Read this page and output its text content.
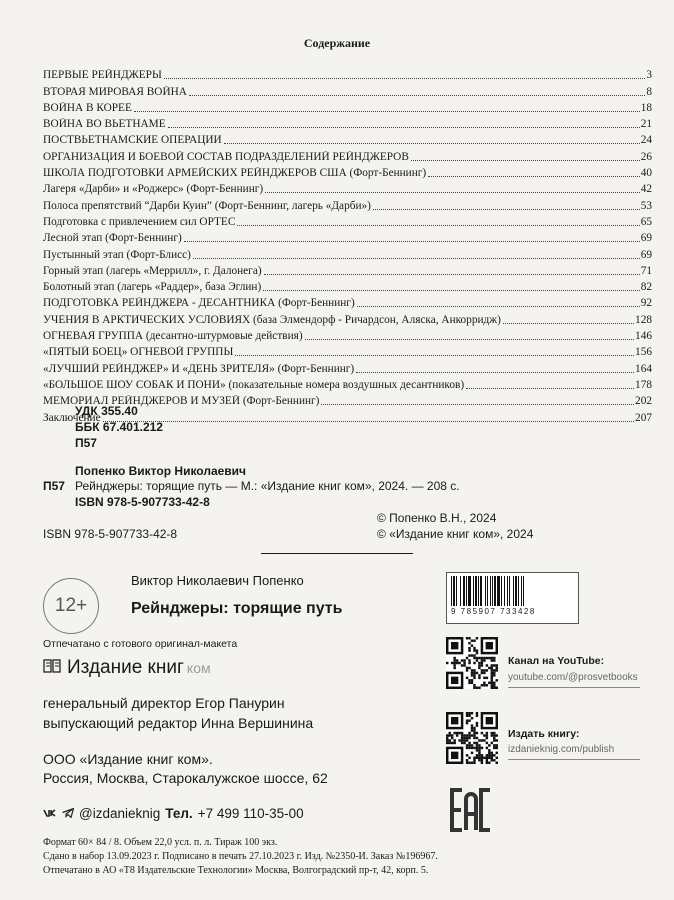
Содержание
ПЕРВЫЕ РЕЙНДЖЕРЫ	3
ВТОРАЯ МИРОВАЯ ВОЙНА	8
ВОЙНА В КОРЕЕ	18
ВОЙНА ВО ВЬЕТНАМЕ	21
ПОСТВЬЕТНАМСКИЕ ОПЕРАЦИИ	24
ОРГАНИЗАЦИЯ И БОЕВОЙ СОСТАВ ПОДРАЗДЕЛЕНИЙ РЕЙНДЖЕРОВ	26
ШКОЛА ПОДГОТОВКИ АРМЕЙСКИХ РЕЙНДЖЕРОВ США (Форт-Беннинг)	40
Лагеря «Дарби» и «Роджерс» (Форт-Беннинг)	42
Полоса препятствий “Дарби Куин” (Форт-Беннинг, лагерь «Дарби»)	53
Подготовка с привлечением сил ОРТЕС	65
Лесной этап (Форт-Беннинг)	69
Пустынный этап (Форт-Блисс)	69
Горный этап (лагерь «Меррилл», г. Далонега)	71
Болотный этап (лагерь «Раддер», база Эглин)	82
ПОДГОТОВКА РЕЙНДЖЕРА - ДЕСАНТНИКА (Форт-Беннинг)	92
УЧЕНИЯ В АРКТИЧЕСКИХ УСЛОВИЯХ (база Элмендорф - Ричардсон, Аляска, Анкорридж)	128
ОГНЕВАЯ ГРУППА (десантно-штурмовые действия)	146
«ПЯТЫЙ БОЕЦ» ОГНЕВОЙ ГРУППЫ	156
«ЛУЧШИЙ РЕЙНДЖЕР» И «ДЕНЬ ЗРИТЕЛЯ» (Форт-Беннинг)	164
«БОЛЬШОЕ ШОУ СОБАК И ПОНИ» (показательные номера воздушных десантников)	178
МЕМОРИАЛ РЕЙНДЖЕРОВ И МУЗЕЙ (Форт-Беннинг)	202
Заключение	207
УДК 355.40
ББК 67.401.212
П57
Попенко Виктор Николаевич
П57 Рейнджеры: торящие путь — М.: «Издание книг ком», 2024. — 208 с.
ISBN 978-5-907733-42-8
© Попенко В.Н., 2024
© «Издание книг ком», 2024
ISBN 978-5-907733-42-8
12+
Виктор Николаевич Попенко
Рейнджеры: торящие путь	9 785907 733428
Отпечатано с готового оригинал-макета
Издание книг ком
генеральный директор Егор Панурин
выпускающий редактор Инна Вершинина
ООО «Издание книг ком».
Россия, Москва, Старокалужское шоссе, 62
@izdanieknig Тел. +7 499 110-35-00
Формат 60× 84 / 8. Объем 22,0 усл. п. л. Тираж 100 экз.
Сдано в набор 13.09.2023 г. Подписано в печать 27.10.2023 г. Изд. №2350-И. Заказ №196967.
Отпечатано в АО «Т8 Издательские Технологии» Москва, Волгоградский пр-т, 42, корп. 5.
Канал на YouTube:
youtube.com/@prosvetbooks
Издать книгу:
izdanieknig.com/publish
